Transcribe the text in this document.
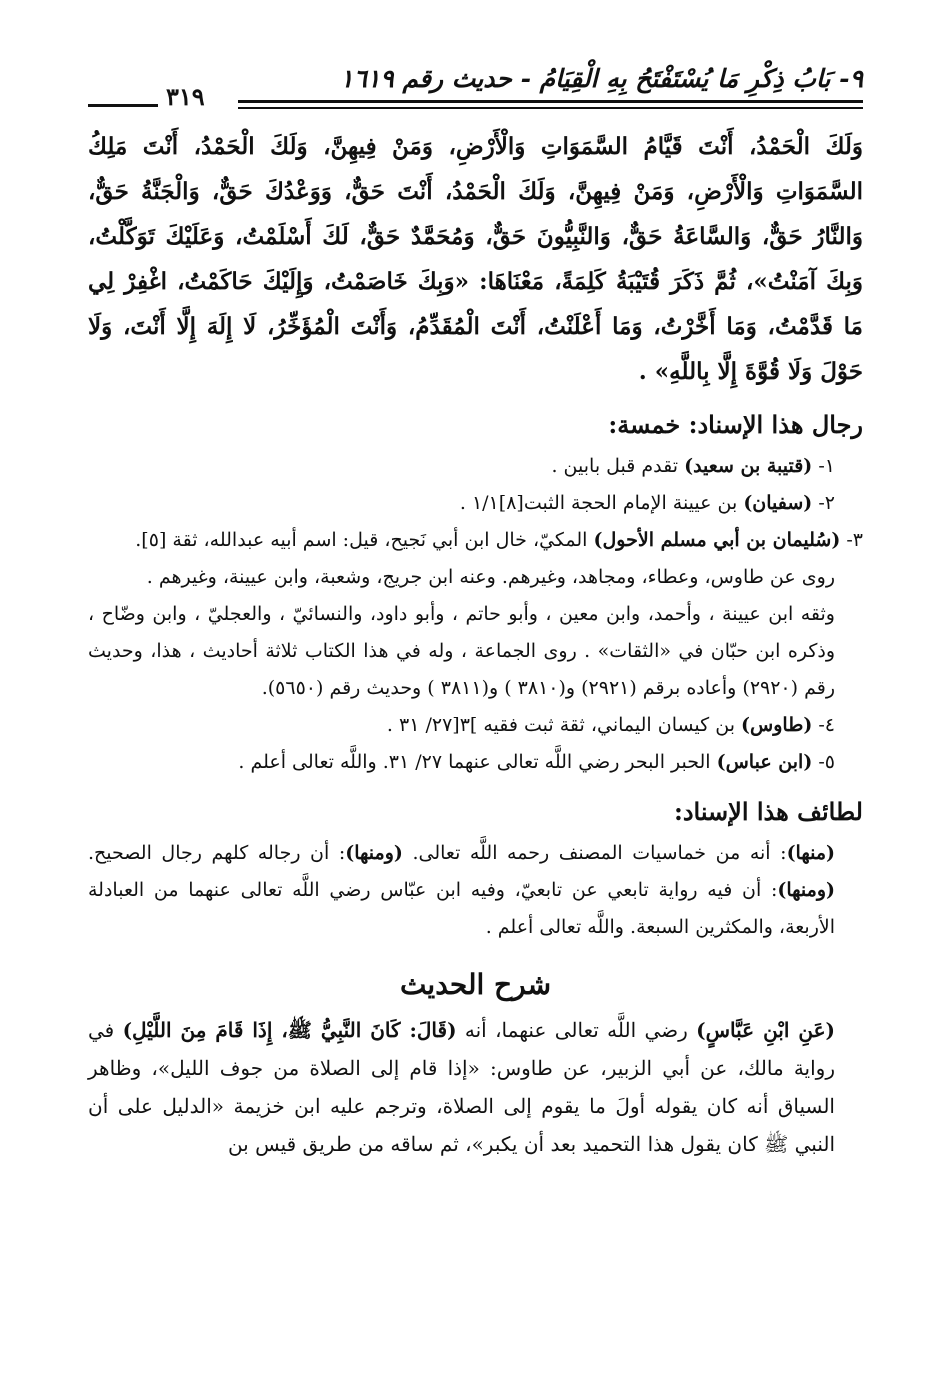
٩- بَابُ ذِكْرِ مَا يُسْتَفْتَحُ بِهِ الْقِيَامُ - حديث رقم ١٦١٩
٣١٩

وَلَكَ الْحَمْدُ، أَنْتَ قَيَّامُ السَّمَوَاتِ وَالْأَرْضِ، وَمَنْ فِيهِنَّ، وَلَكَ الْحَمْدُ، أَنْتَ مَلِكُ السَّمَوَاتِ وَالْأَرْضِ، وَمَنْ فِيهِنَّ، وَلَكَ الْحَمْدُ، أَنْتَ حَقٌّ، وَوَعْدُكَ حَقٌّ، وَالْجَنَّةُ حَقٌّ، وَالنَّارُ حَقٌّ، وَالسَّاعَةُ حَقٌّ، وَالنَّبِيُّونَ حَقٌّ، وَمُحَمَّدٌ حَقٌّ، لَكَ أَسْلَمْتُ، وَعَلَيْكَ تَوَكَّلْتُ، وَبِكَ آمَنْتُ»، ثُمَّ ذَكَرَ قُتَيْبَةُ كَلِمَةً، مَعْنَاهَا: «وَبِكَ خَاصَمْتُ، وَإِلَيْكَ حَاكَمْتُ، اغْفِرْ لِي مَا قَدَّمْتُ، وَمَا أَخَّرْتُ، وَمَا أَعْلَنْتُ، أَنْتَ الْمُقَدِّمُ، وَأَنْتَ الْمُؤَخِّرُ، لَا إِلَهَ إِلَّا أَنْتَ، وَلَا حَوْلَ وَلَا قُوَّةَ إِلَّا بِاللَّهِ» .

رجال هذا الإسناد: خمسة:

١- (قتيبة بن سعيد) تقدم قبل بابين .

٢- (سفيان) بن عيينة الإمام الحجة الثبت[٨]١/١ .

٣- (سُليمان بن أبي مسلم الأحول) المكيّ، خال ابن أبي نَجيح، قيل: اسم أبيه عبدالله، ثقة [٥].

روى عن طاوس، وعطاء، ومجاهد، وغيرهم. وعنه ابن جريج، وشعبة، وابن عيينة، وغيرهم .

وثقه ابن عيينة ، وأحمد، وابن معين ، وأبو حاتم ، وأبو داود، والنسائيّ ، والعجليّ ، وابن وضّاح ، وذكره ابن حبّان في «الثقات» . روى الجماعة ، وله في هذا الكتاب ثلاثة أحاديث ، هذا، وحديث رقم (٢٩٢٠) وأعاده برقم (٢٩٢١) و(٣٨١٠ ) و(٣٨١١ ) وحديث رقم (٥٦٥٠).

٤- (طاوس) بن كيسان اليماني، ثقة ثبت فقيه ]٣[٢٧/ ٣١ .

٥- (ابن عباس) الحبر البحر رضي اللَّه تعالى عنهما ٢٧/ ٣١. واللَّه تعالى أعلم .

لطائف هذا الإسناد:

(منها): أنه من خماسيات المصنف رحمه اللَّه تعالى. (ومنها): أن رجاله كلهم رجال الصحيح. (ومنها): أن فيه رواية تابعي عن تابعيّ، وفيه ابن عبّاس رضي اللَّه تعالى عنهما من العبادلة الأربعة، والمكثرين السبعة. واللَّه تعالى أعلم .

شرح الحديث

(عَنِ ابْنِ عَبَّاسٍ) رضي اللَّه تعالى عنهما، أنه (قَالَ: كَانَ النَّبِيُّ ﷺ، إِذَا قَامَ مِنَ اللَّيْلِ) في رواية مالك، عن أبي الزبير، عن طاوس: «إذا قام إلى الصلاة من جوف الليل»، وظاهر السياق أنه كان يقوله أولَ ما يقوم إلى الصلاة، وترجم عليه ابن خزيمة «الدليل على أن النبي ﷺ كان يقول هذا التحميد بعد أن يكبر»، ثم ساقه من طريق قيس بن
